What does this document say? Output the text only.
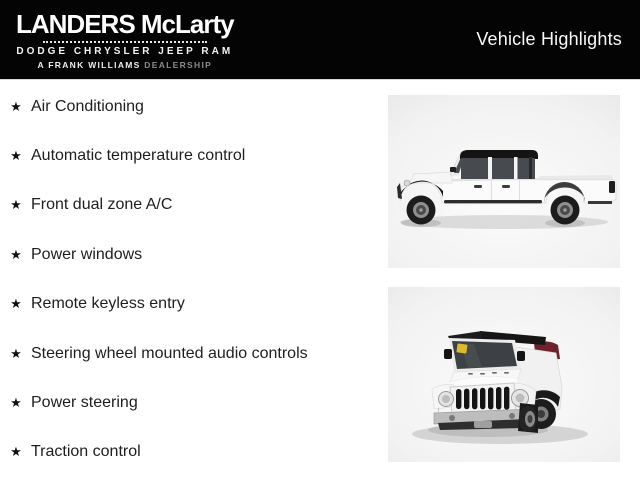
LANDERS McLarty
DODGE CHRYSLER JEEP RAM
A FRANK WILLIAMS DEALERSHIP
Vehicle Highlights
★ Air Conditioning
★ Automatic temperature control
★ Front dual zone A/C
★ Power windows
★ Remote keyless entry
★ Steering wheel mounted audio controls
★ Power steering
★ Traction control
